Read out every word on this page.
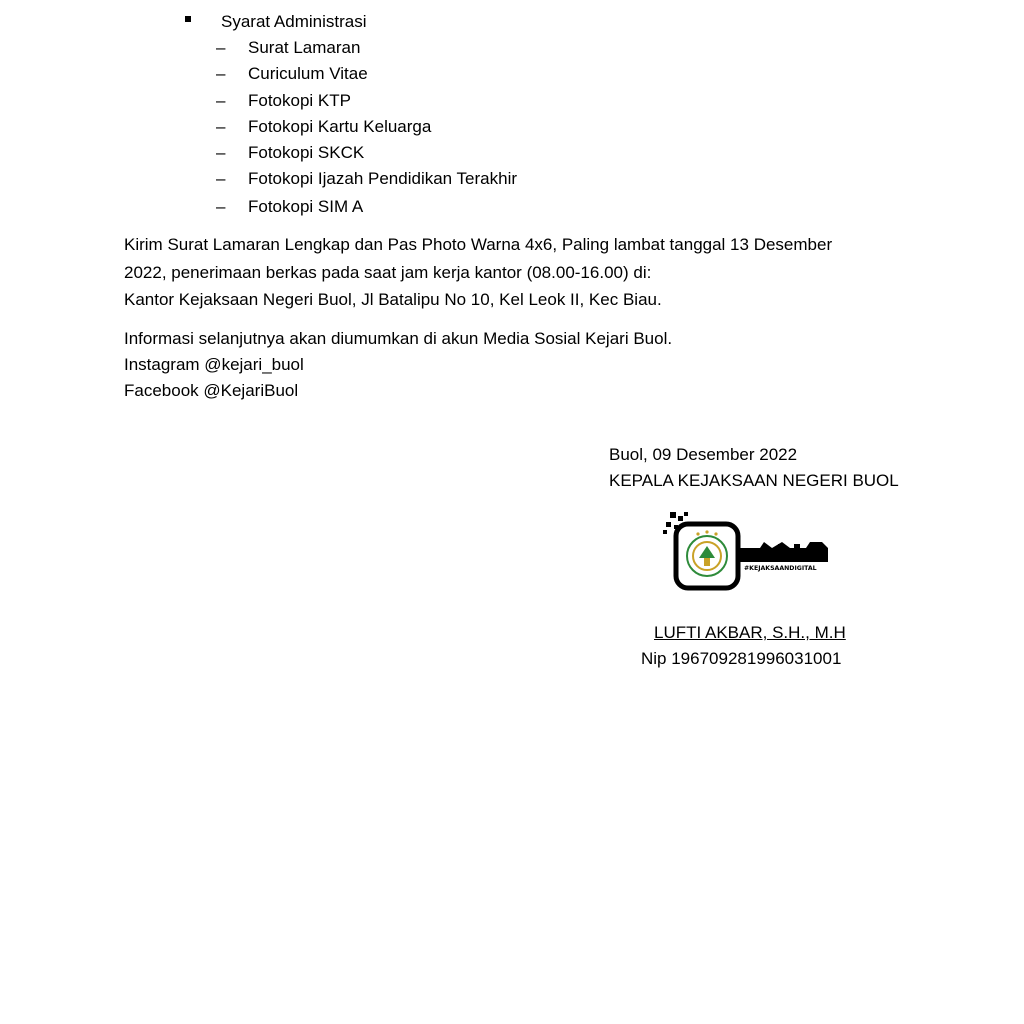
Syarat Administrasi
– Surat Lamaran
– Curiculum Vitae
– Fotokopi KTP
– Fotokopi Kartu Keluarga
– Fotokopi SKCK
– Fotokopi Ijazah Pendidikan Terakhir
– Fotokopi SIM A
Kirim Surat Lamaran Lengkap dan Pas Photo Warna 4x6, Paling lambat tanggal 13 Desember
2022, penerimaan berkas pada saat jam kerja kantor (08.00-16.00) di:
Kantor Kejaksaan Negeri Buol, Jl Batalipu No 10, Kel Leok II, Kec Biau.
Informasi selanjutnya akan diumumkan di akun Media Sosial Kejari Buol.
Instagram @kejari_buol
Facebook @KejariBuol
Buol, 09 Desember 2022
KEPALA KEJAKSAAN NEGERI BUOL
#KEJAKSAANDIGITAL
LUFTI AKBAR, S.H., M.H
Nip 196709281996031001
